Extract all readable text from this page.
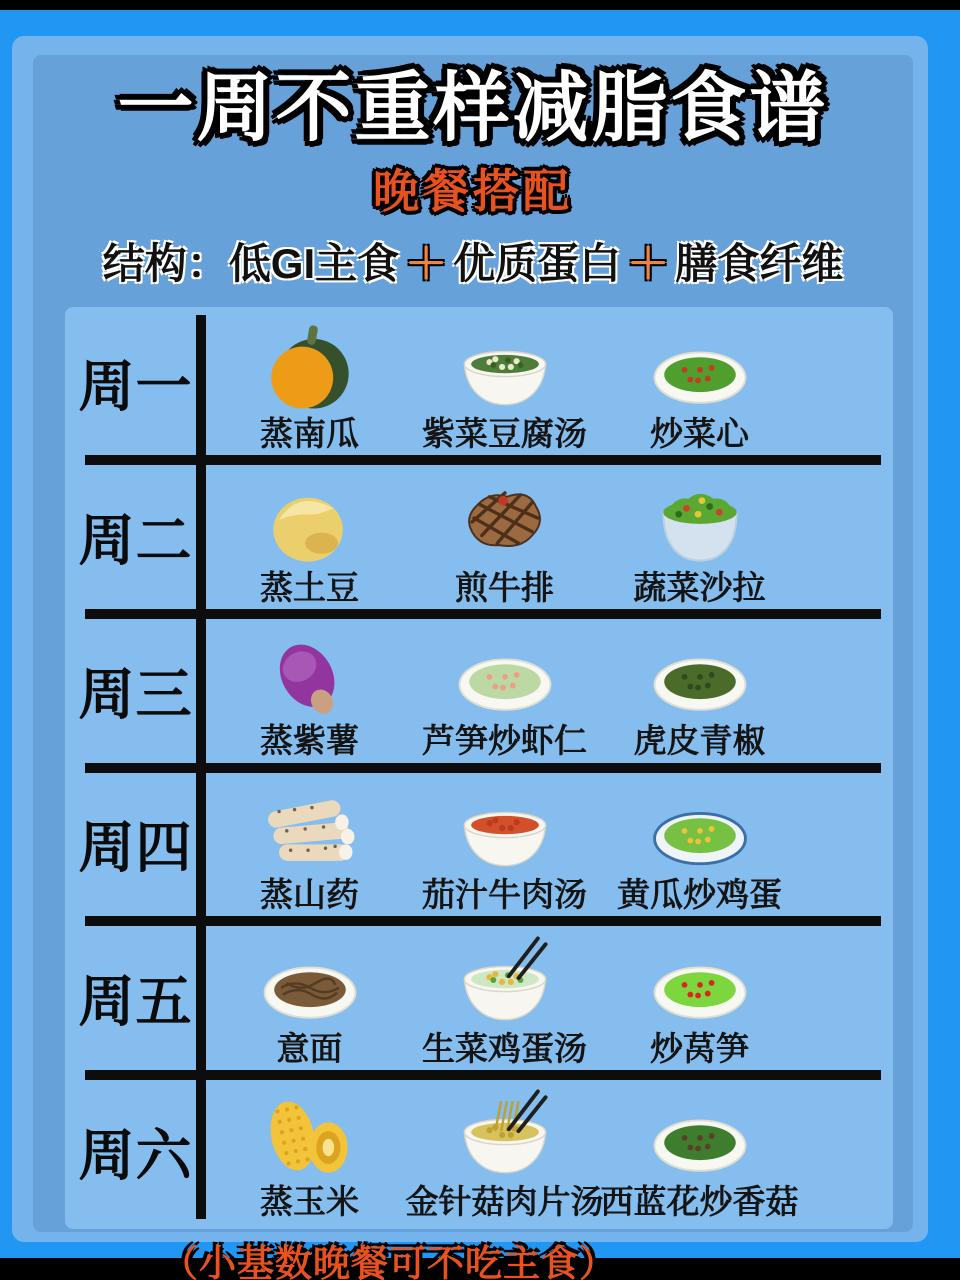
一周不重样减脂食谱
晚餐搭配
结构：低GI主食 ＋ 优质蛋白 ＋ 膳食纤维
周一
蒸南瓜 紫菜豆腐汤 炒菜心
周二
蒸土豆	煎牛排 蔬菜沙拉
周三
蒸紫薯 芦笋炒虾仁 虎皮青椒
周四
蒸山药 茄汁牛肉汤 黄瓜炒鸡蛋
周五
意面 生菜鸡蛋汤 炒莴笋
周六
蒸玉米 金针菇肉片汤
西蓝花炒香菇
（小基数晚餐可不吃主食）
